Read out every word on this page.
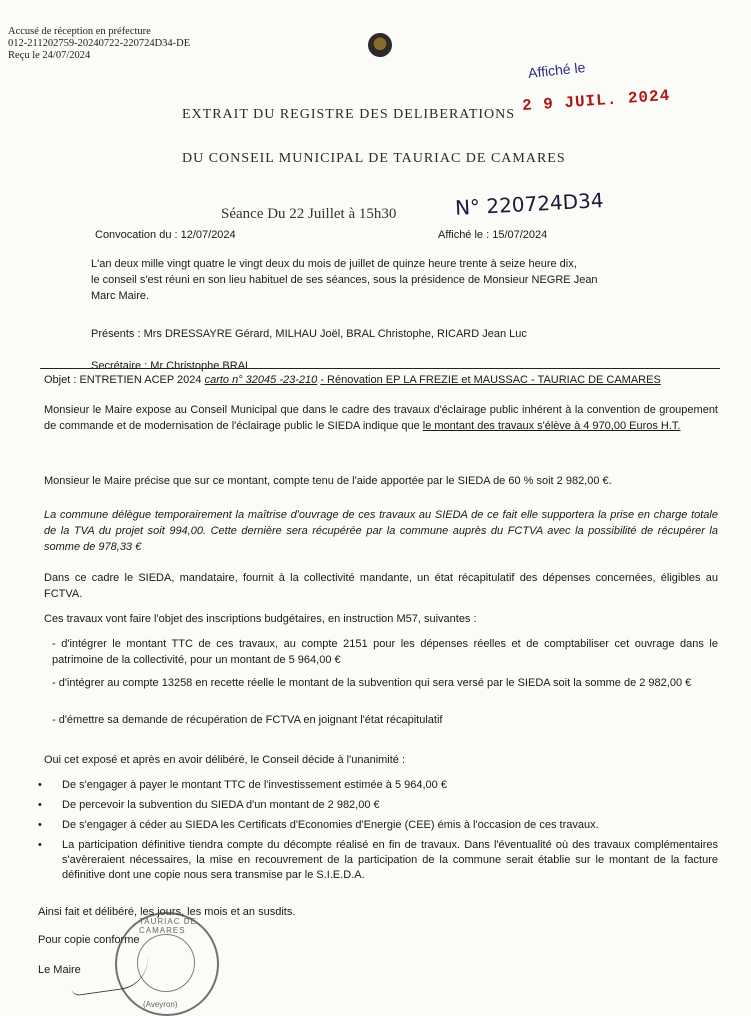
Accusé de réception en préfecture
012-211202759-20240722-220724D34-DE
Reçu le 24/07/2024
Affiché le
2 9 JUIL. 2024
EXTRAIT DU REGISTRE DES DELIBERATIONS
DU CONSEIL MUNICIPAL DE TAURIAC DE CAMARES
Séance Du 22 Juillet à 15h30	N° 220724D34
Convocation du : 12/07/2024	Affiché le : 15/07/2024
L'an deux mille vingt quatre le vingt deux du mois de juillet de quinze heure trente à seize heure dix,
le conseil s'est réuni en son lieu habituel de ses séances, sous la présidence de Monsieur NEGRE Jean
Marc Maire.
Présents : Mrs DRESSAYRE Gérard, MILHAU Joël, BRAL Christophe, RICARD Jean Luc
Secrétaire : Mr Christophe BRAL
Objet : ENTRETIEN ACEP 2024 carto n° 32045 -23-210 - Rénovation EP LA FREZIE et MAUSSAC - TAURIAC DE CAMARES
Monsieur le Maire expose au Conseil Municipal que dans le cadre des travaux d'éclairage public inhérent à la convention de groupement de commande et de modernisation de l'éclairage public le SIEDA indique que le montant des travaux s'élève à 4 970,00 Euros H.T.
Monsieur le Maire précise que sur ce montant, compte tenu de l'aide apportée par le SIEDA de 60 % soit 2 982,00 €.
La commune délègue temporairement la maîtrise d'ouvrage de ces travaux au SIEDA de ce fait elle supportera la prise en charge totale de la TVA du projet soit 994,00. Cette dernière sera récupérée par la commune auprès du FCTVA avec la possibilité de récupérer la somme de 978,33 €
Dans ce cadre le SIEDA, mandataire, fournit à la collectivité mandante, un état récapitulatif des dépenses concernées, éligibles au FCTVA.
Ces travaux vont faire l'objet des inscriptions budgétaires, en instruction M57, suivantes :
- d'intégrer le montant TTC de ces travaux, au compte 2151 pour les dépenses réelles et de comptabiliser cet ouvrage dans le patrimoine de la collectivité, pour un montant de 5 964,00 €
- d'intégrer au compte 13258 en recette réelle le montant de la subvention qui sera versé par le SIEDA soit la somme de 2 982,00 €
- d'émettre sa demande de récupération de FCTVA en joignant l'état récapitulatif
Oui cet exposé et après en avoir délibéré, le Conseil décide à l'unanimité :
• De s'engager à payer le montant TTC de l'investissement estimée à 5 964,00 €
• De percevoir la subvention du SIEDA d'un montant de 2 982,00 €
• De s'engager à céder au SIEDA les Certificats d'Economies d'Energie (CEE) émis à l'occasion de ces travaux.
• La participation définitive tiendra compte du décompte réalisé en fin de travaux. Dans l'éventualité où des travaux complémentaires s'avèreraient nécessaires, la mise en recouvrement de la participation de la commune serait établie sur le montant de la facture définitive dont une copie nous sera transmise par le S.I.E.D.A.
Ainsi fait et délibéré, les jours, les mois et an susdits.
Pour copie conforme
Le Maire
TAURIAC DE CAMARES
(Aveyron)
